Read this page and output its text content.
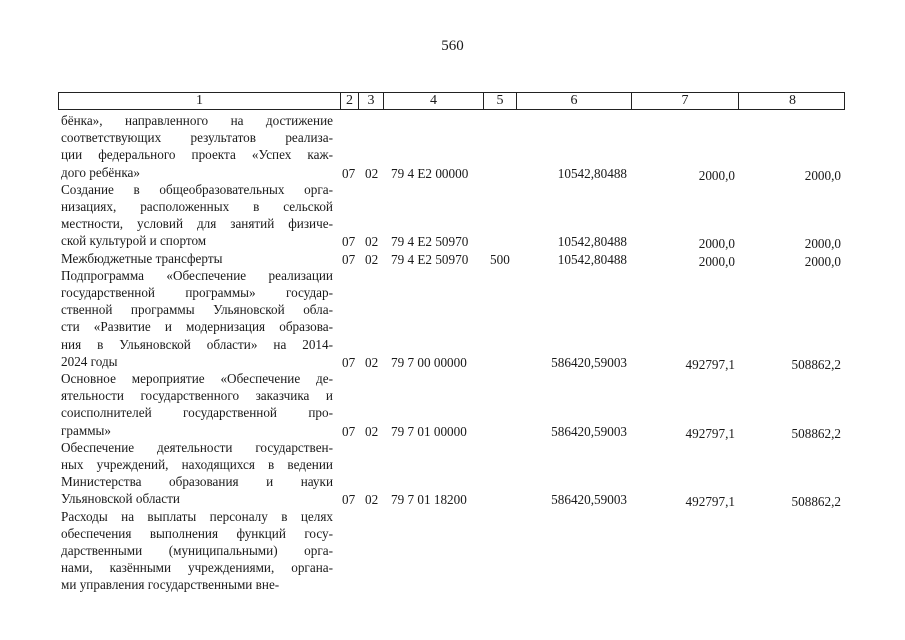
560
1	2	3	4	5	6	7	8
бёнка», направленного на достижение
соответствующих результатов реализа-
ции федерального проекта «Успех каж-
дого ребёнка»	07 02 79 4 E2 00000	10542,80488	2000,0	2000,0
Создание в общеобразовательных орга-
низациях, расположенных в сельской
местности, условий для занятий физиче-
ской культурой и спортом	07 02 79 4 E2 50970	10542,80488	2000,0	2000,0
Межбюджетные трансферты	07 02 79 4 E2 50970 500	10542,80488	2000,0	2000,0
Подпрограмма «Обеспечение реализации
государственной программы» государ-
ственной программы Ульяновской обла-
сти «Развитие и модернизация образова-
ния в Ульяновской области» на 2014-
2024 годы	07 02 79 7 00 00000	586420,59003	492797,1	508862,2
Основное мероприятие «Обеспечение де-
ятельности государственного заказчика и
соисполнителей государственной про-
граммы»	07 02 79 7 01 00000	586420,59003	492797,1	508862,2
Обеспечение деятельности государствен-
ных учреждений, находящихся в ведении
Министерства образования и науки
Ульяновской области	07 02 79 7 01 18200	586420,59003	492797,1	508862,2
Расходы на выплаты персоналу в целях
обеспечения выполнения функций госу-
дарственными (муниципальными) орга-
нами, казёнными учреждениями, органа-
ми управления государственными вне-
